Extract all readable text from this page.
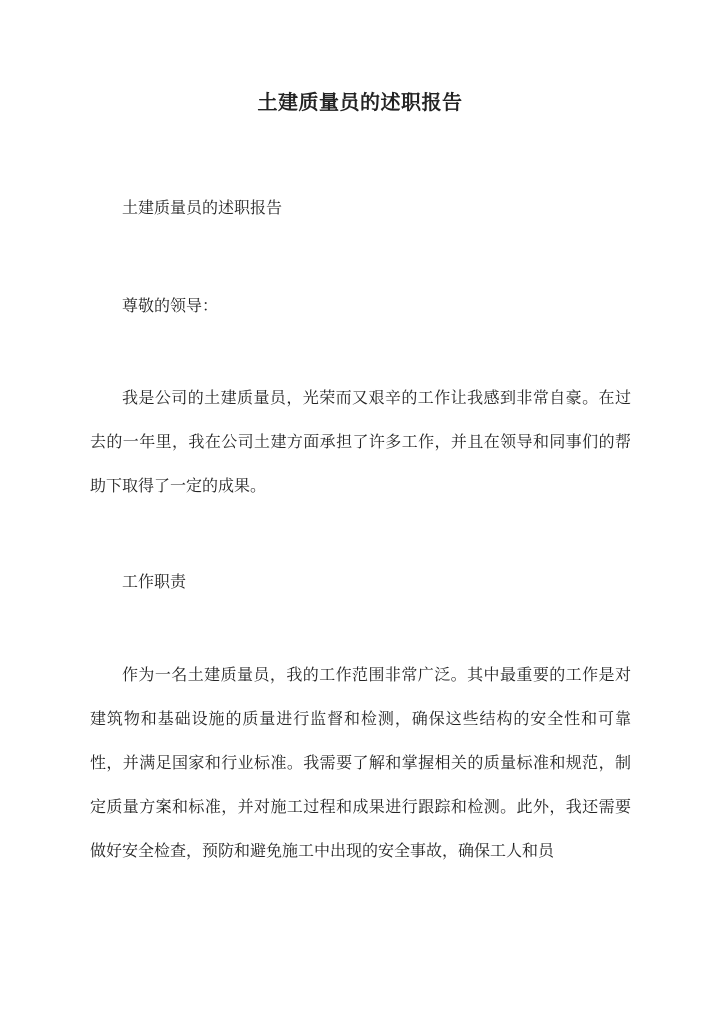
土建质量员的述职报告

土建质量员的述职报告

尊敬的领导：

我是公司的土建质量员，光荣而又艰辛的工作让我感到非常自豪。在过去的一年里，我在公司土建方面承担了许多工作，并且在领导和同事们的帮助下取得了一定的成果。

工作职责

作为一名土建质量员，我的工作范围非常广泛。其中最重要的工作是对建筑物和基础设施的质量进行监督和检测，确保这些结构的安全性和可靠性，并满足国家和行业标准。我需要了解和掌握相关的质量标准和规范，制定质量方案和标准，并对施工过程和成果进行跟踪和检测。此外，我还需要做好安全检查，预防和避免施工中出现的安全事故，确保工人和员
